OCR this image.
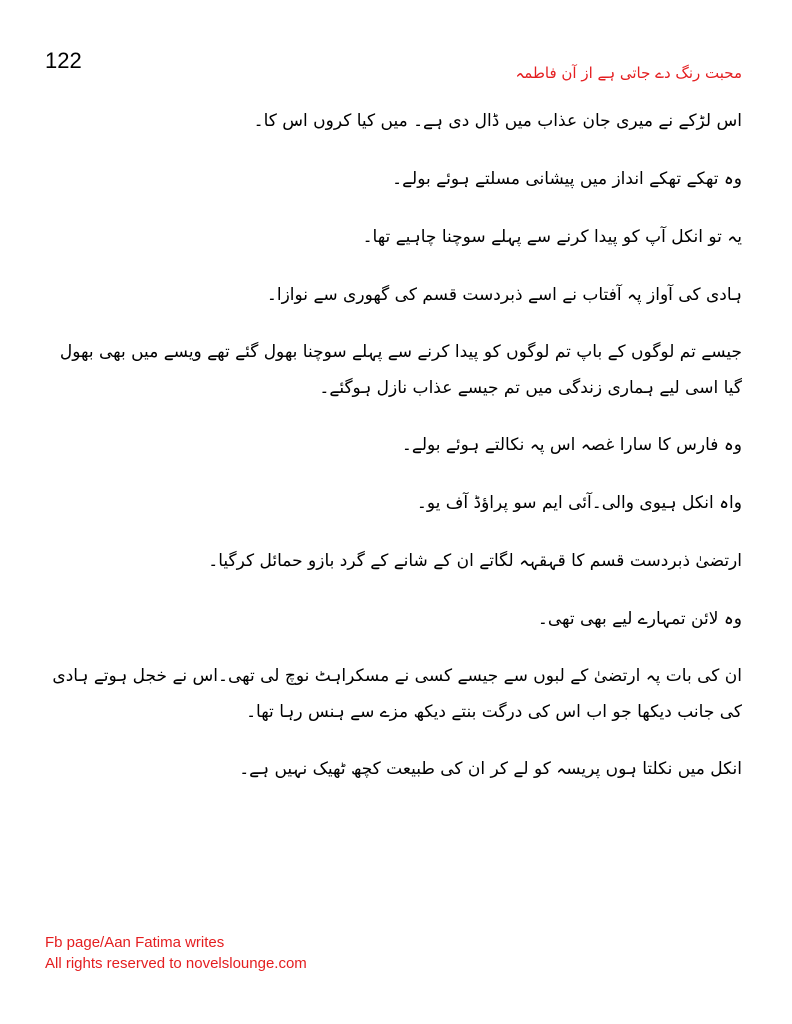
122	محبت رنگ دے جاتی ہے از آن فاطمہ

اس لڑکے نے میری جان عذاب میں ڈال دی ہے۔ میں کیا کروں اس کا۔

وہ تھکے تھکے انداز میں پیشانی مسلتے ہوئے بولے۔

یہ تو انکل آپ کو پیدا کرنے سے پہلے سوچنا چاہیے تھا۔

ہادی کی آواز پہ آفتاب نے اسے ذبردست قسم کی گھوری سے نوازا۔

جیسے تم لوگوں کے باپ تم لوگوں کو پیدا کرنے سے پہلے سوچنا بھول گئے تھے ویسے میں بھی بھول گیا اسی لیے ہماری زندگی میں تم جیسے عذاب نازل ہوگئے۔

وہ فارس کا سارا غصہ اس پہ نکالتے ہوئے بولے۔

واہ انکل ہیوی والی۔آئی ایم سو پراؤڈ آف یو۔

ارتضیٰ ذبردست قسم کا قہقہہ لگاتے ان کے شانے کے گرد بازو حمائل کرگیا۔

وہ لائن تمہارے لیے بھی تھی۔

ان کی بات پہ ارتضیٰ کے لبوں سے جیسے کسی نے مسکراہٹ نوچ لی تھی۔اس نے خجل ہوتے ہادی کی جانب دیکھا جو اب اس کی درگت بنتے دیکھ مزے سے ہنس رہا تھا۔

انکل میں نکلتا ہوں پریسہ کو لے کر ان کی طبیعت کچھ ٹھیک نہیں ہے۔

Fb page/Aan Fatima writes
All rights reserved to novelslounge.com
